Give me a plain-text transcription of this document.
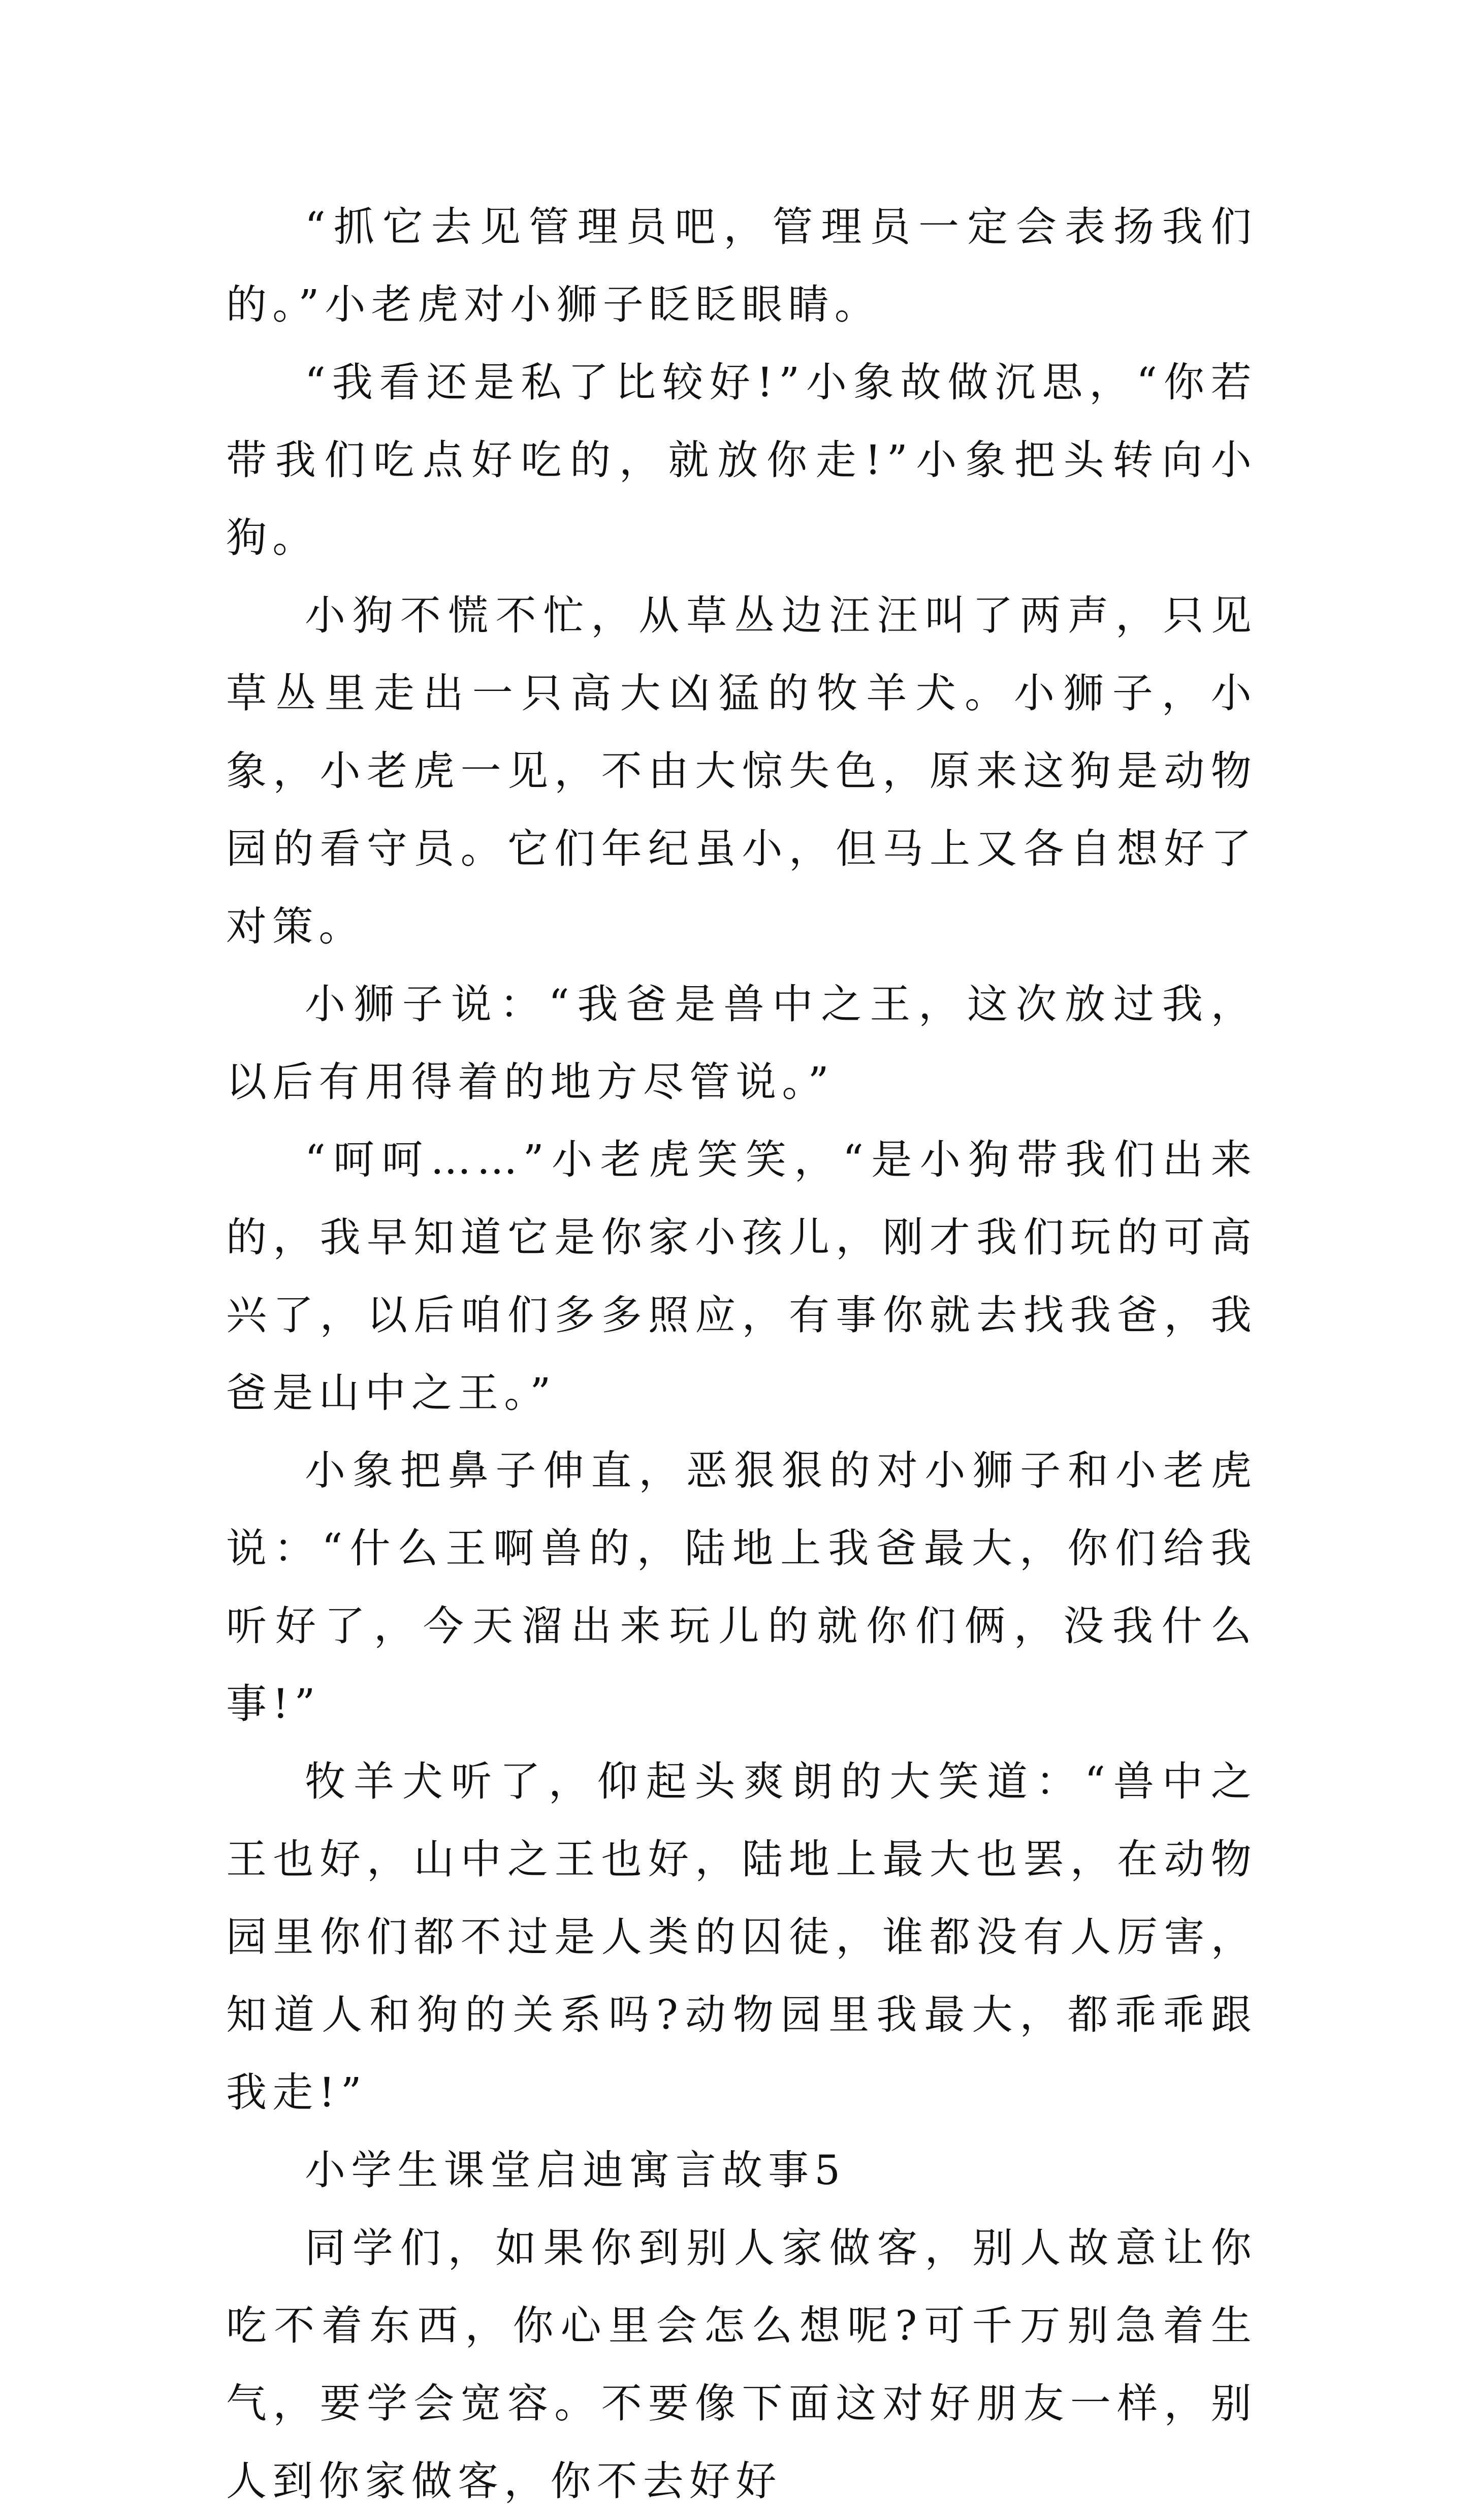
“抓它去见管理员吧，管理员一定会表扬我们的。”小老虎对小狮子眨眨眼睛。

“我看还是私了比较好!”小象故做沉思，“你若带我们吃点好吃的，就放你走!”小象把头转向小狗。

小狗不慌不忙，从草丛边汪汪叫了两声，只见草丛里走出一只高大凶猛的牧羊犬。小狮子，小象，小老虎一见，不由大惊失色，原来这狗是动物园的看守员。它们年纪虽小，但马上又各自想好了对策。

小狮子说：“我爸是兽中之王，这次放过我，以后有用得着的地方尽管说。”

“呵呵……”小老虎笑笑，“是小狗带我们出来的，我早知道它是你家小孩儿，刚才我们玩的可高兴了，以后咱们多多照应，有事你就去找我爸，我爸是山中之王。”

小象把鼻子伸直，恶狠狠的对小狮子和小老虎说：“什么王啊兽的，陆地上我爸最大，你们给我听好了，今天溜出来玩儿的就你们俩，没我什么事!”

牧羊犬听了，仰起头爽朗的大笑道：“兽中之王也好，山中之王也好，陆地上最大也罢，在动物园里你们都不过是人类的囚徒，谁都没有人厉害，知道人和狗的关系吗?动物园里我最大，都乖乖跟我走!”

小学生课堂启迪寓言故事5

同学们，如果你到别人家做客，别人故意让你吃不着东西，你心里会怎么想呢?可千万别急着生气，要学会宽容。不要像下面这对好朋友一样，别人到你家做客，你不去好好
